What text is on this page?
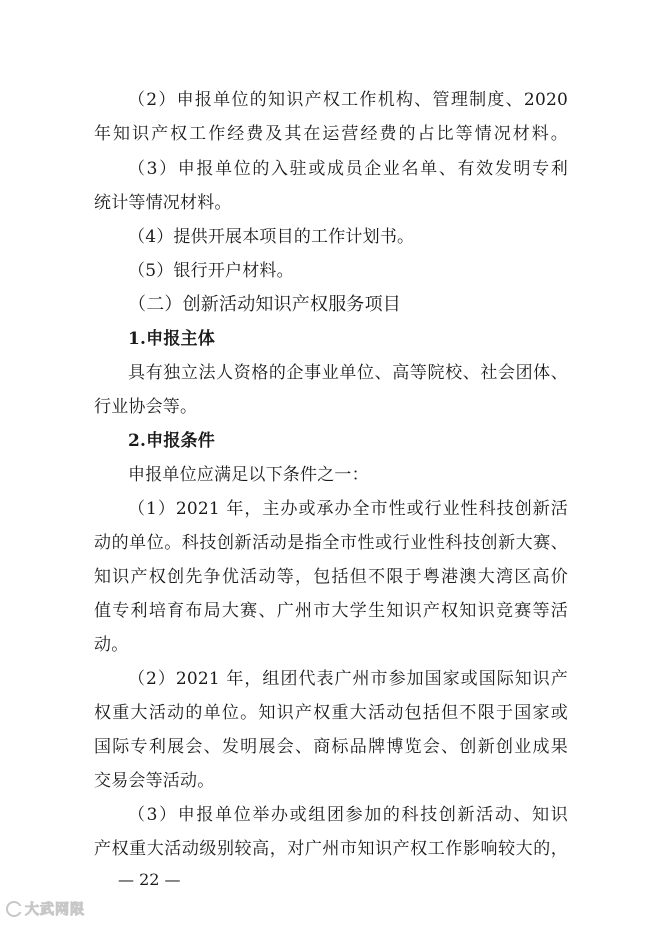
（2）申报单位的知识产权工作机构、管理制度、2020
年知识产权工作经费及其在运营经费的占比等情况材料。
（3）申报单位的入驻或成员企业名单、有效发明专利
统计等情况材料。
（4）提供开展本项目的工作计划书。
（5）银行开户材料。
（二）创新活动知识产权服务项目
1.申报主体
具有独立法人资格的企事业单位、高等院校、社会团体、
行业协会等。
2.申报条件
申报单位应满足以下条件之一：
（1）2021 年，主办或承办全市性或行业性科技创新活
动的单位。科技创新活动是指全市性或行业性科技创新大赛、
知识产权创先争优活动等，包括但不限于粤港澳大湾区高价
值专利培育布局大赛、广州市大学生知识产权知识竞赛等活
动。
（2）2021 年，组团代表广州市参加国家或国际知识产
权重大活动的单位。知识产权重大活动包括但不限于国家或
国际专利展会、发明展会、商标品牌博览会、创新创业成果
交易会等活动。
（3）申报单位举办或组团参加的科技创新活动、知识
产权重大活动级别较高，对广州市知识产权工作影响较大的，
— 22 —
大武网限
